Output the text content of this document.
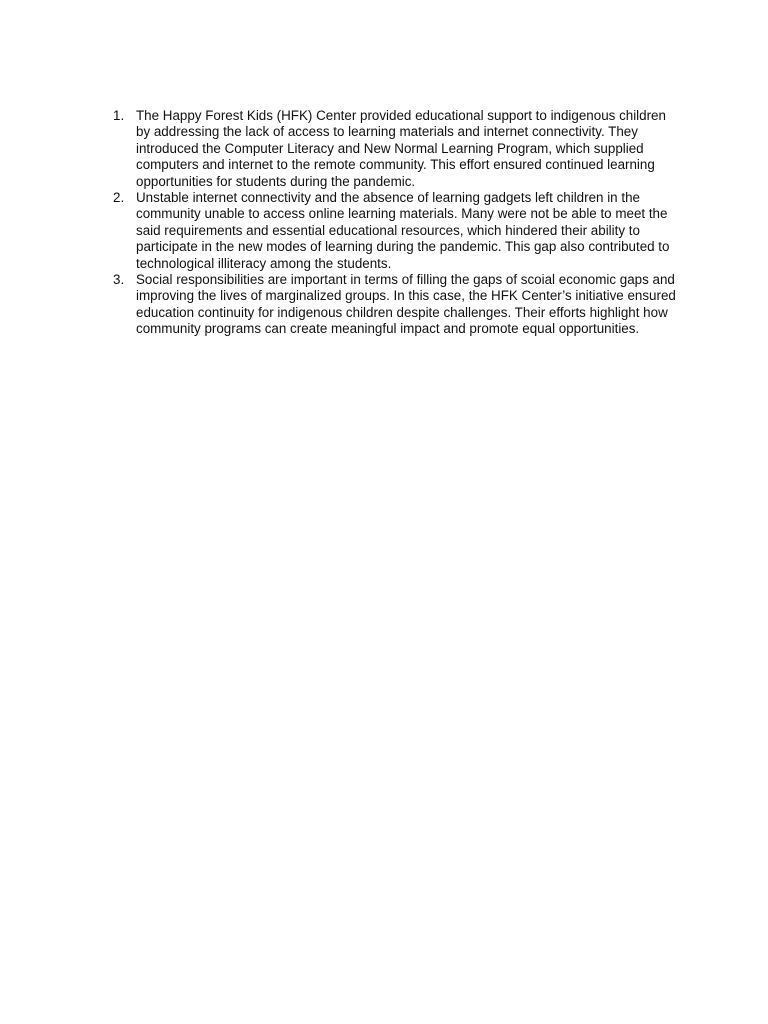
1. The Happy Forest Kids (HFK) Center provided educational support to indigenous children by addressing the lack of access to learning materials and internet connectivity. They introduced the Computer Literacy and New Normal Learning Program, which supplied computers and internet to the remote community. This effort ensured continued learning opportunities for students during the pandemic.
2. Unstable internet connectivity and the absence of learning gadgets left children in the community unable to access online learning materials. Many were not be able to meet the said requirements and essential educational resources, which hindered their ability to participate in the new modes of learning during the pandemic. This gap also contributed to technological illiteracy among the students.
3. Social responsibilities are important in terms of filling the gaps of scoial economic gaps and improving the lives of marginalized groups. In this case, the HFK Center’s initiative ensured education continuity for indigenous children despite challenges. Their efforts highlight how community programs can create meaningful impact and promote equal opportunities.
